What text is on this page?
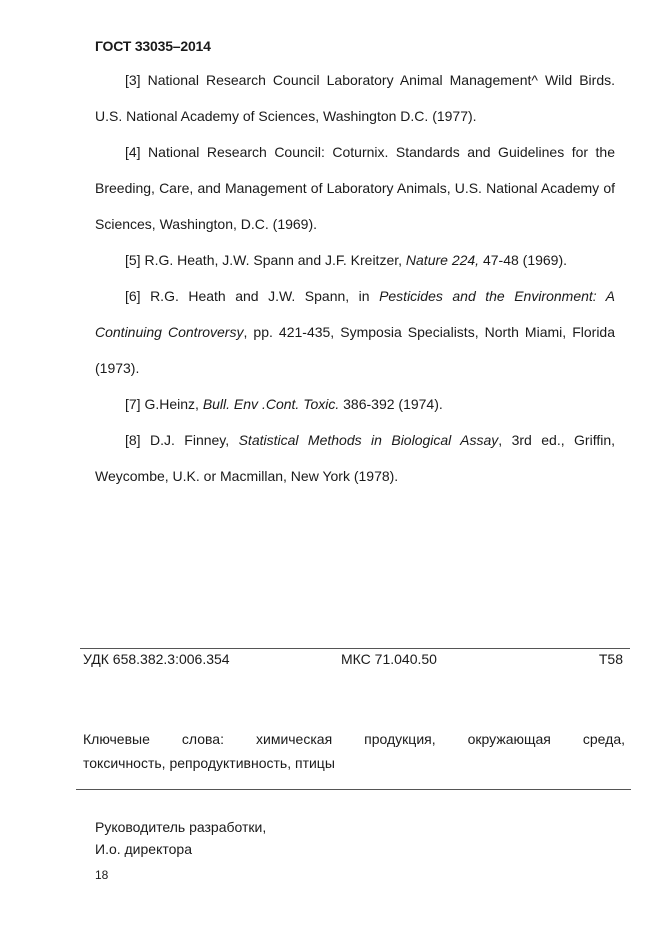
ГОСТ 33035–2014

[3] National Research Council Laboratory Animal Management^ Wild Birds. U.S. National Academy of Sciences, Washington D.C. (1977).

[4] National Research Council: Coturnix. Standards and Guidelines for the Breeding, Care, and Management of Laboratory Animals, U.S. National Academy of Sciences, Washington, D.C. (1969).

[5] R.G. Heath, J.W. Spann and J.F. Kreitzer, Nature 224, 47-48 (1969).

[6] R.G. Heath and J.W. Spann, in Pesticides and the Environment: A Continuing Controversy, pp. 421-435, Symposia Specialists, North Miami, Florida (1973).

[7] G.Heinz, Bull. Env .Cont. Toxic. 386-392 (1974).

[8] D.J. Finney, Statistical Methods in Biological Assay, 3rd ed., Griffin, Weycombe, U.K. or Macmillan, New York (1978).

УДК 658.382.3:006.354	МКС 71.040.50	Т58
Ключевые слова: химическая продукция, окружающая среда,
токсичность, репродуктивность, птицы
Руководитель разработки,
И.о. директора
18
